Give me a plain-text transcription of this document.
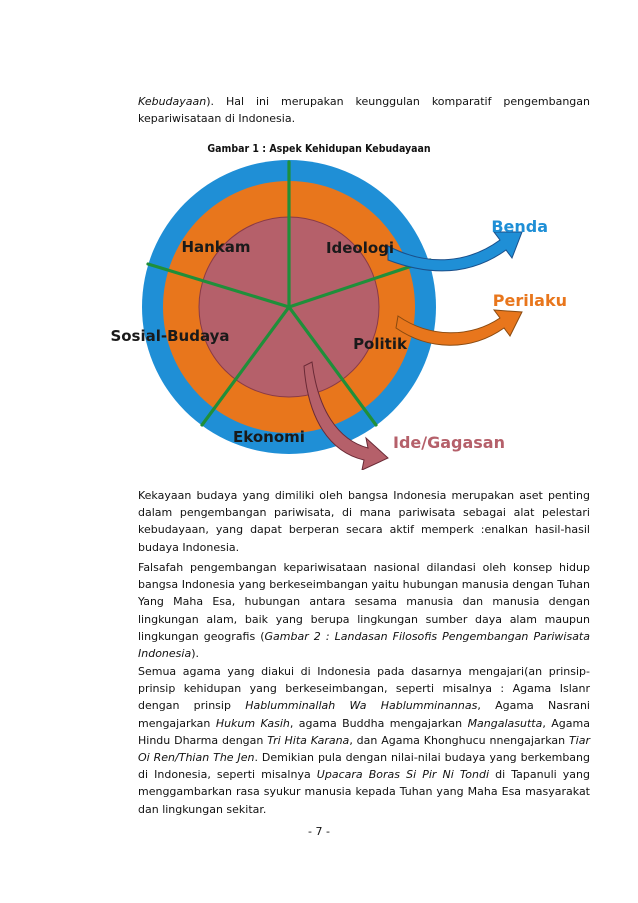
Kebudayaan). Hal ini merupakan keunggulan komparatif pengembangan kepariwisataan di Indonesia.

Gambar 1 : Aspek Kehidupan Kebudayaan
Hankam	Ideologi
Sosial-Budaya	Politik
Ekonomi
Benda
Perilaku
Ide/Gagasan

Kekayaan budaya yang dimiliki oleh bangsa Indonesia merupakan aset penting dalam pengembangan pariwisata, di mana pariwisata sebagai alat pelestari kebudayaan, yang dapat berperan secara aktif memperk :enalkan hasil-hasil budaya Indonesia.

Falsafah pengembangan kepariwisataan nasional dilandasi oleh konsep hidup bangsa Indonesia yang berkeseimbangan yaitu hubungan manusia dengan Tuhan Yang Maha Esa, hubungan antara sesama manusia dan manusia dengan lingkungan alam, baik yang berupa lingkungan sumber daya alam maupun lingkungan geografis (Gambar 2 : Landasan Filosofis Pengembangan Pariwisata Indonesia).

Semua agama yang diakui di Indonesia pada dasarnya mengajari(an prinsip-prinsip kehidupan yang berkeseimbangan, seperti misalnya : Agama Islanr dengan prinsip Hablumminallah Wa Hablumminannas, Agama Nasrani mengajarkan Hukum Kasih, agama Buddha mengajarkan Mangalasutta, Agama Hindu Dharma dengan Tri Hita Karana, dan Agama Khonghucu nnengajarkan Tiar Oi Ren/Thian The Jen. Demikian pula dengan nilai-nilai budaya yang berkembang di Indonesia, seperti misalnya Upacara Boras Si Pir Ni Tondi di Tapanuli yang menggambarkan rasa syukur manusia kepada Tuhan yang Maha Esa masyarakat dan lingkungan sekitar.

- 7 -
